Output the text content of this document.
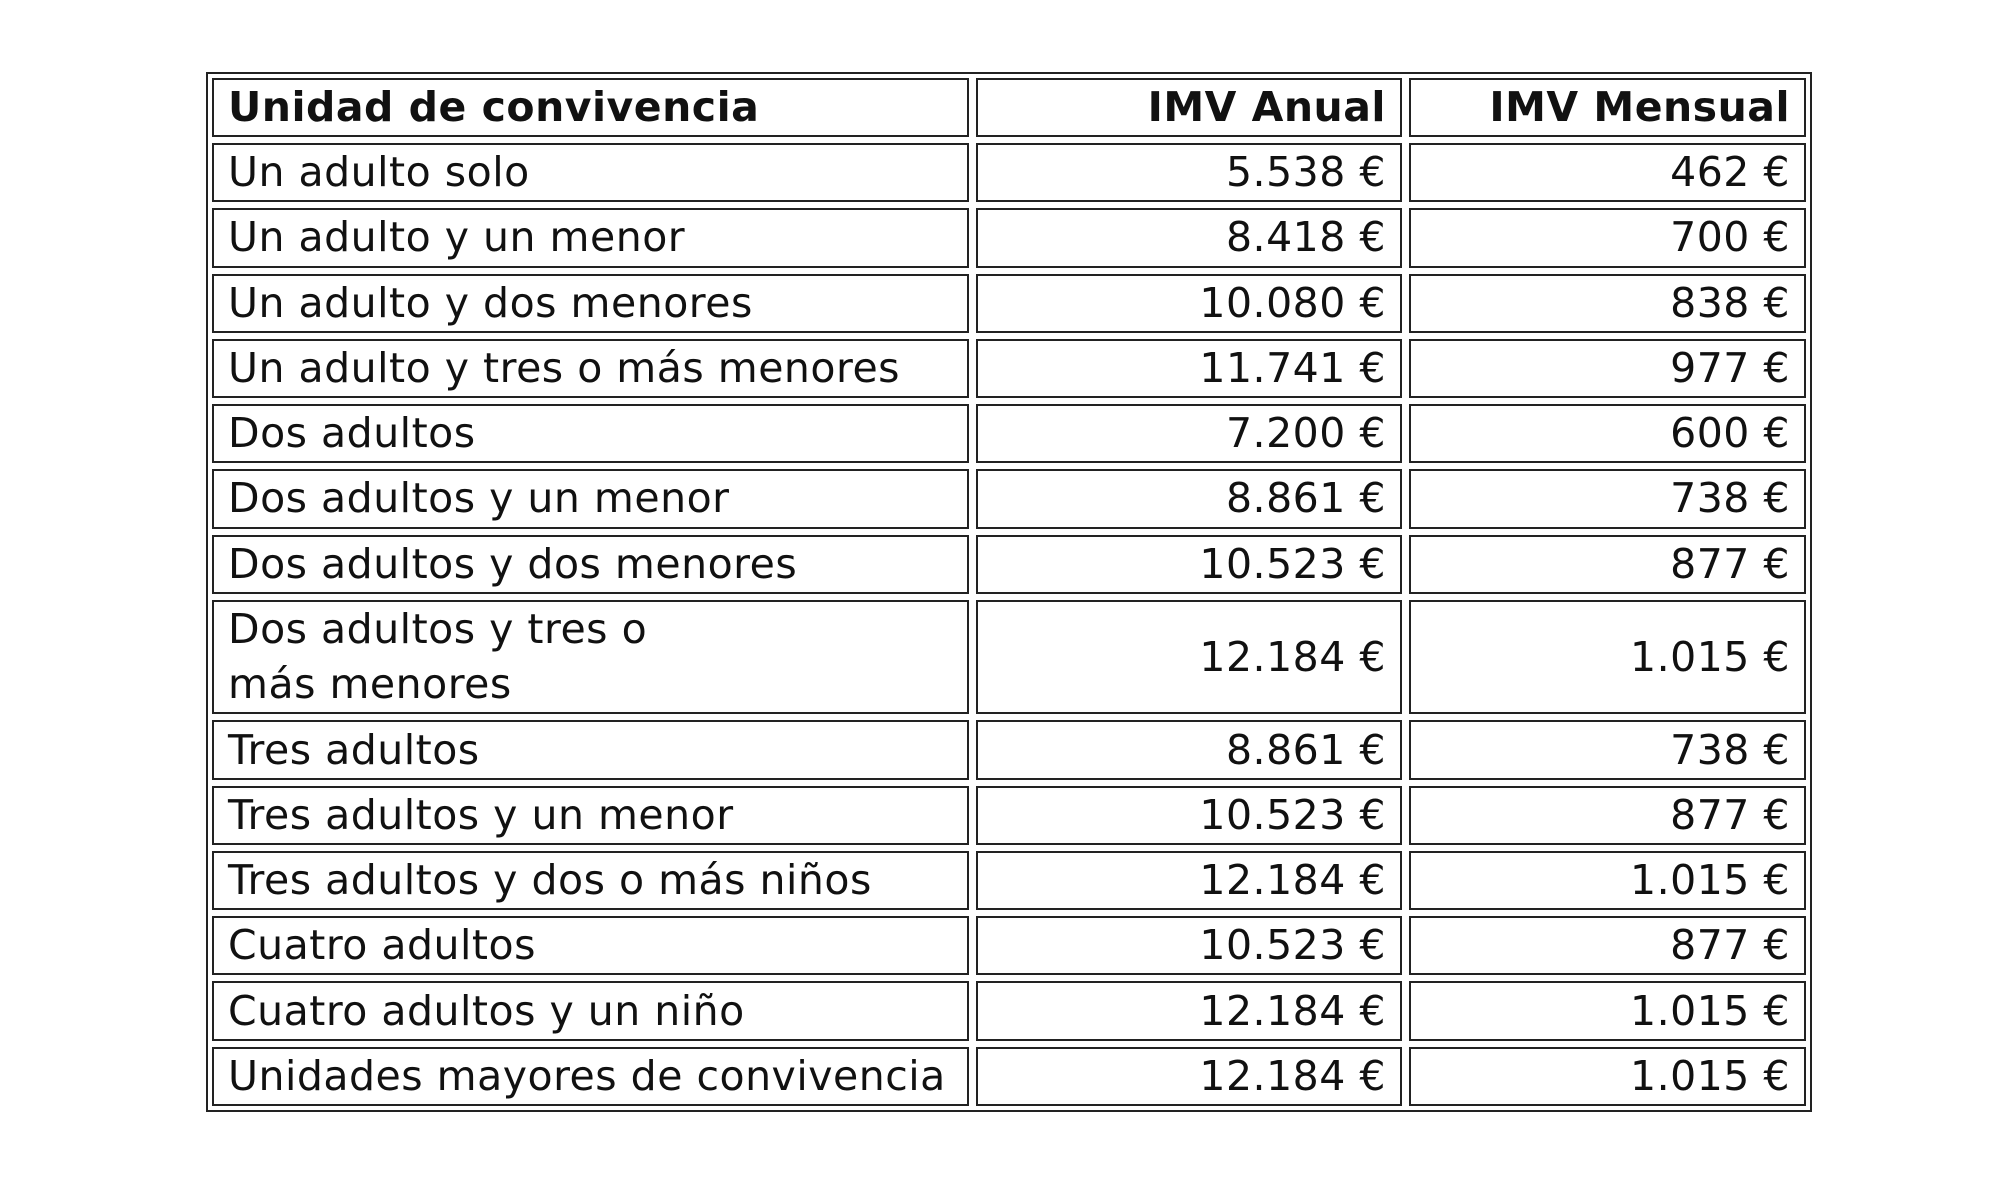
Unidad de convivencia	IMV Anual	IMV Mensual
Un adulto solo	5.538 €	462 €
Un adulto y un menor	8.418 €	700 €
Un adulto y dos menores	10.080 €	838 €
Un adulto y tres o más menores	11.741 €	977 €
Dos adultos	7.200 €	600 €
Dos adultos y un menor	8.861 €	738 €
Dos adultos y dos menores	10.523 €	877 €
Dos adultos y tres o más menores	12.184 €	1.015 €
Tres adultos	8.861 €	738 €
Tres adultos y un menor	10.523 €	877 €
Tres adultos y dos o más niños	12.184 €	1.015 €
Cuatro adultos	10.523 €	877 €
Cuatro adultos y un niño	12.184 €	1.015 €
Unidades mayores de convivencia	12.184 €	1.015 €
